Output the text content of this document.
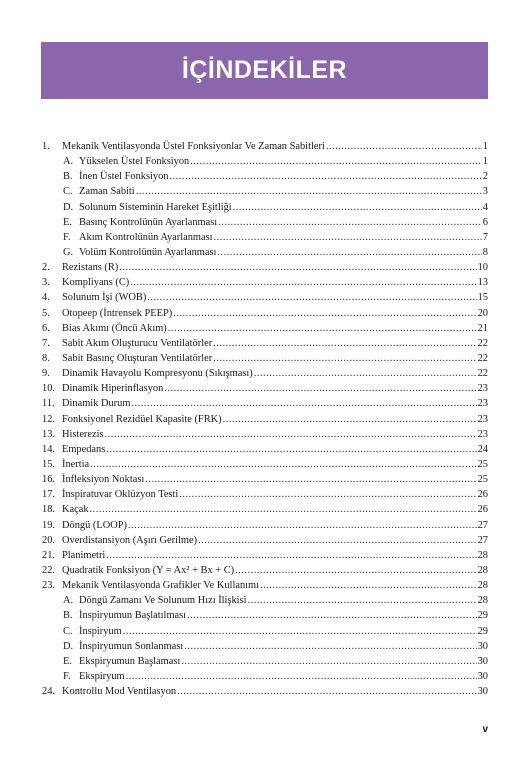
İÇİNDEKİLER
1. Mekanik Ventilasyonda Üstel Fonksiyonlar Ve Zaman Sabitleri .....	1
A. Yükselen Üstel Fonksiyon .....	1
B. İnen Üstel Fonksiyon .....	2
C. Zaman Sabiti .....	3
D. Solunum Sisteminin Hareket Eşitliği .....	4
E. Basınç Kontrolünün Ayarlanması .....	6
F. Akım Kontrolünün Ayarlanması .....	7
G. Volüm Kontrolünün Ayarlanması .....	8
2. Rezistans (R) .....	10
3. Kompliyans (C) .....	13
4. Solunum İşi (WOB) .....	15
5. Otopeep (İntrensek PEEP) .....	20
6. Bias Akımı (Öncü Akım) .....	21
7. Sabit Akım Oluşturucu Ventilatörler .....	22
8. Sabit Basınç Oluşturan Ventilatörler .....	22
9. Dinamik Havayolu Kompresyonu (Sıkışması) .....	22
10. Dinamik Hiperinflasyon .....	23
11. Dinamik Durum .....	23
12. Fonksiyonel Rezidüel Kapasite (FRK) .....	23
13. Histerezis .....	23
14. Empedans .....	24
15. İnertia .....	25
16. İnfleksiyon Noktası .....	25
17. İnspiratuvar Oklüzyon Testi .....	26
18. Kaçak .....	26
19. Döngü (LOOP) .....	27
20. Overdistansiyon (Aşırı Gerilme) .....	27
21. Planimetri .....	28
22. Quadratik Fonksiyon (Y = Ax² + Bx + C) .....	28
23. Mekanik Ventilasyonda Grafikler Ve Kullanımı .....	28
A. Döngü Zamanı Ve Solunum Hızı İlişkisi .....	28
B. İnspiryumun Başlatılması .....	29
C. İnspiryum .....	29
D. İnspiryumun Sonlanması .....	30
E. Ekspiryumun Başlaması .....	30
F. Ekspiryum .....	30
24. Kontrollu Mod Ventilasyon .....	30
v
